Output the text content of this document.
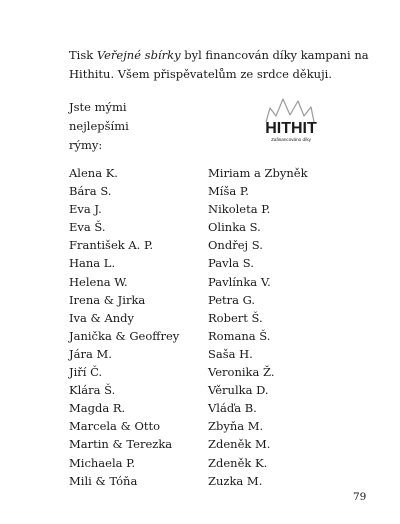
Tisk Veřejné sbírky byl financován díky kampani na Hithitu. Všem přispěvatelům ze srdce děkuji.

Jste mými
nejlepšími
rýmy:

HITHIT
Zafinancováno díky
Alena K.
Bára S.
Eva J.
Eva Š.
František A. P.
Hana L.
Helena W.
Irena & Jirka
Iva & Andy
Janička & Geoffrey
Jára M.
Jiří Č.
Klára Š.
Magda R.
Marcela & Otto
Martin & Terezka
Michaela P.
Mili & Tóňa
Miriam a Zbyněk
Míša P.
Nikoleta P.
Olinka S.
Ondřej S.
Pavla S.
Pavlínka V.
Petra G.
Robert Š.
Romana Š.
Saša H.
Veronika Ž.
Věrulka D.
Vláďa B.
Zbyňa M.
Zdeněk M.
Zdeněk K.
Zuzka M.
79
